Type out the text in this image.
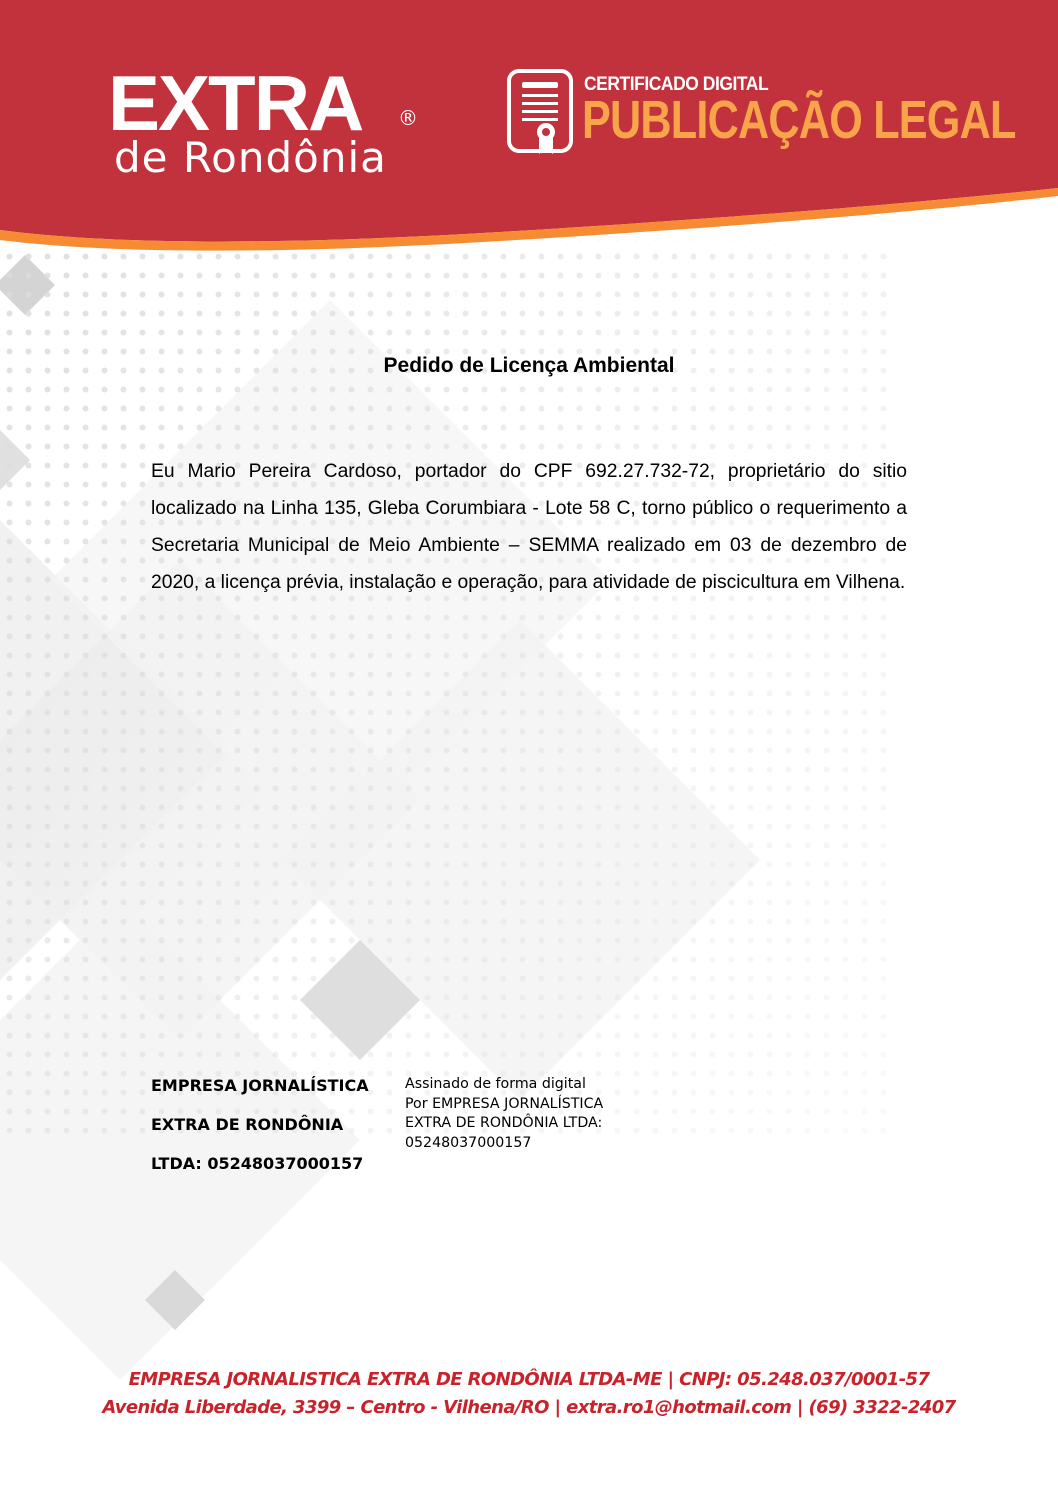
EXTRA ®
de Rondônia
CERTIFICADO DIGITAL
PUBLICAÇÃO LEGAL
Pedido de Licença Ambiental

Eu Mario Pereira Cardoso, portador do CPF 692.27.732-72, proprietário do sitio localizado na Linha 135, Gleba Corumbiara - Lote 58 C, torno público o requerimento a Secretaria Municipal de Meio Ambiente – SEMMA realizado em 03 de dezembro de 2020, a licença prévia, instalação e operação, para atividade de piscicultura em Vilhena.

EMPRESA JORNALÍSTICA
EXTRA DE RONDÔNIA
LTDA: 05248037000157
Assinado de forma digital
Por EMPRESA JORNALÍSTICA
EXTRA DE RONDÔNIA LTDA:
05248037000157
EMPRESA JORNALISTICA EXTRA DE RONDÔNIA LTDA-ME | CNPJ: 05.248.037/0001-57
Avenida Liberdade, 3399 – Centro - Vilhena/RO | extra.ro1@hotmail.com | (69) 3322-2407
